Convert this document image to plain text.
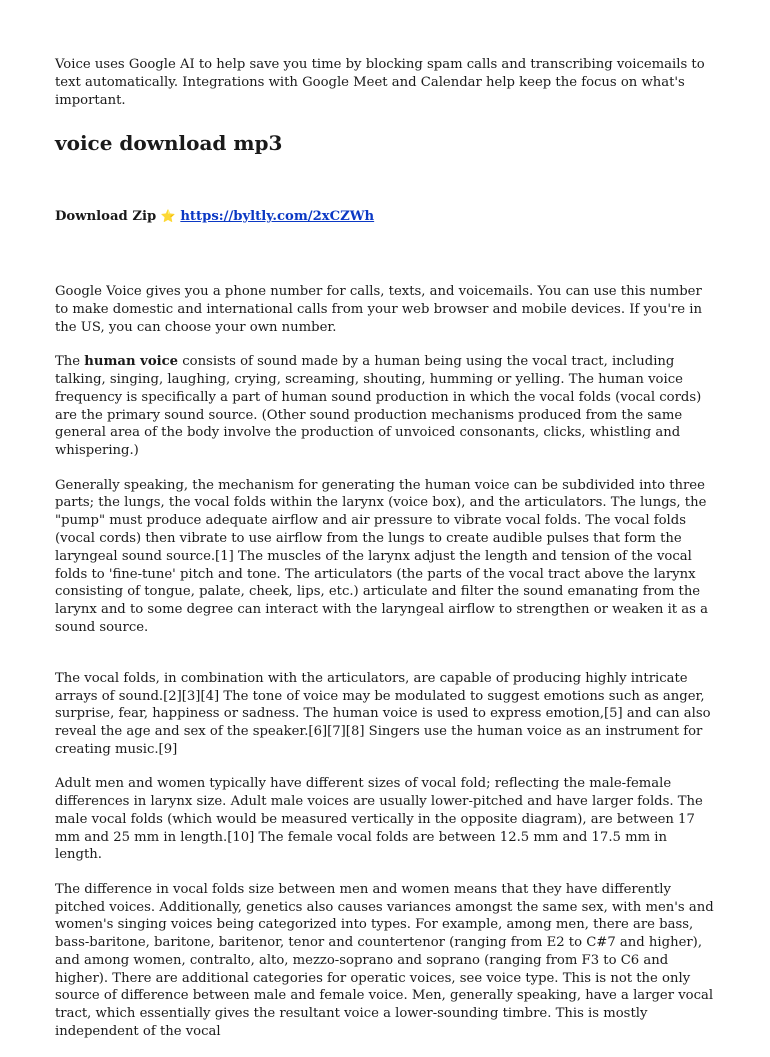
Voice uses Google AI to help save you time by blocking spam calls and transcribing voicemails to text automatically. Integrations with Google Meet and Calendar help keep the focus on what's important.

voice download mp3
Download Zip ⭐ https://byltly.com/2xCZWh

Google Voice gives you a phone number for calls, texts, and voicemails. You can use this number to make domestic and international calls from your web browser and mobile devices. If you're in the US, you can choose your own number.

The human voice consists of sound made by a human being using the vocal tract, including talking, singing, laughing, crying, screaming, shouting, humming or yelling. The human voice frequency is specifically a part of human sound production in which the vocal folds (vocal cords) are the primary sound source. (Other sound production mechanisms produced from the same general area of the body involve the production of unvoiced consonants, clicks, whistling and whispering.)

Generally speaking, the mechanism for generating the human voice can be subdivided into three parts; the lungs, the vocal folds within the larynx (voice box), and the articulators. The lungs, the "pump" must produce adequate airflow and air pressure to vibrate vocal folds. The vocal folds (vocal cords) then vibrate to use airflow from the lungs to create audible pulses that form the laryngeal sound source.[1] The muscles of the larynx adjust the length and tension of the vocal folds to 'fine-tune' pitch and tone. The articulators (the parts of the vocal tract above the larynx consisting of tongue, palate, cheek, lips, etc.) articulate and filter the sound emanating from the larynx and to some degree can interact with the laryngeal airflow to strengthen or weaken it as a sound source.

The vocal folds, in combination with the articulators, are capable of producing highly intricate arrays of sound.[2][3][4] The tone of voice may be modulated to suggest emotions such as anger, surprise, fear, happiness or sadness. The human voice is used to express emotion,[5] and can also reveal the age and sex of the speaker.[6][7][8] Singers use the human voice as an instrument for creating music.[9]

Adult men and women typically have different sizes of vocal fold; reflecting the male-female differences in larynx size. Adult male voices are usually lower-pitched and have larger folds. The male vocal folds (which would be measured vertically in the opposite diagram), are between 17 mm and 25 mm in length.[10] The female vocal folds are between 12.5 mm and 17.5 mm in length.

The difference in vocal folds size between men and women means that they have differently pitched voices. Additionally, genetics also causes variances amongst the same sex, with men's and women's singing voices being categorized into types. For example, among men, there are bass, bass-baritone, baritone, baritenor, tenor and countertenor (ranging from E2 to C#7 and higher), and among women, contralto, alto, mezzo-soprano and soprano (ranging from F3 to C6 and higher). There are additional categories for operatic voices, see voice type. This is not the only source of difference between male and female voice. Men, generally speaking, have a larger vocal tract, which essentially gives the resultant voice a lower-sounding timbre. This is mostly independent of the vocal
